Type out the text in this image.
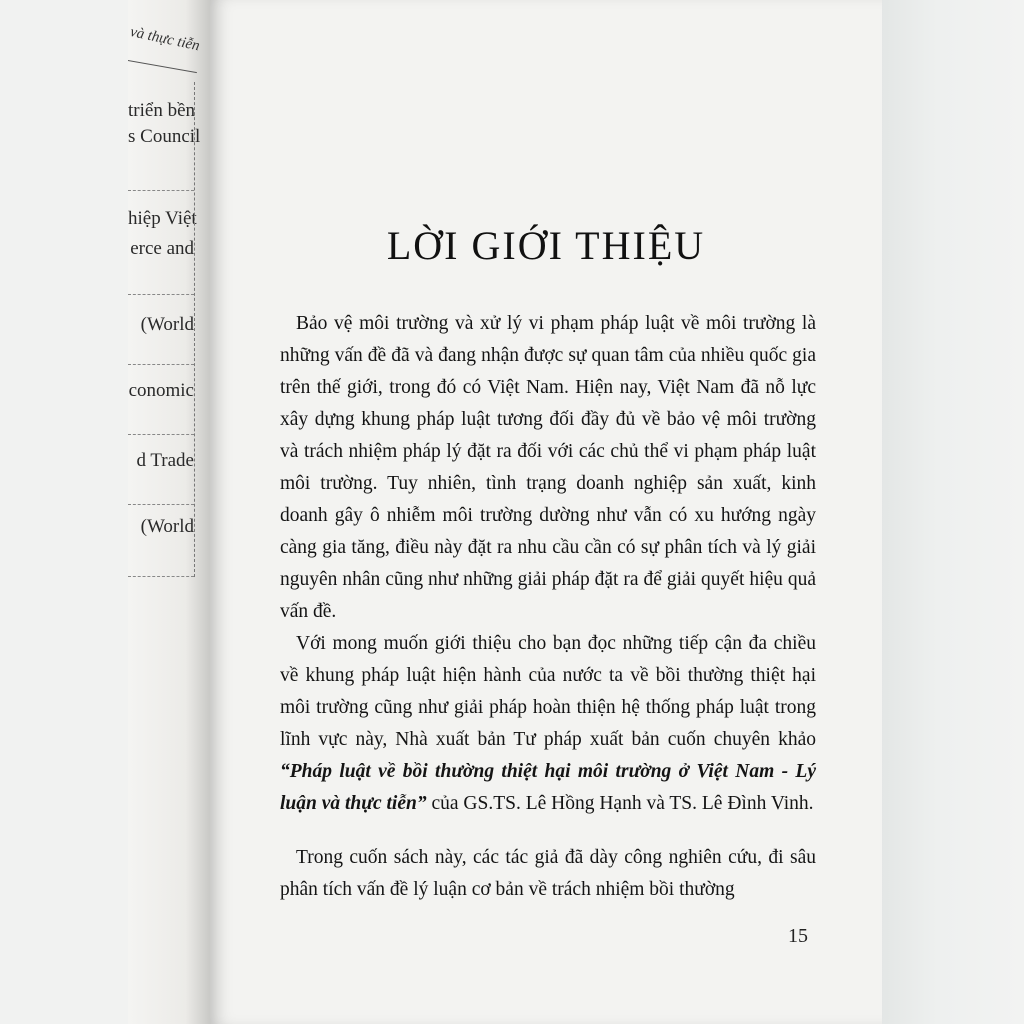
và thực tiễn
triển bền
s Council
hiệp Việt
erce and
(World
conomic
d Trade
(World
LỜI GIỚI THIỆU

Bảo vệ môi trường và xử lý vi phạm pháp luật về môi trường là những vấn đề đã và đang nhận được sự quan tâm của nhiều quốc gia trên thế giới, trong đó có Việt Nam. Hiện nay, Việt Nam đã nỗ lực xây dựng khung pháp luật tương đối đầy đủ về bảo vệ môi trường và trách nhiệm pháp lý đặt ra đối với các chủ thể vi phạm pháp luật môi trường. Tuy nhiên, tình trạng doanh nghiệp sản xuất, kinh doanh gây ô nhiễm môi trường dường như vẫn có xu hướng ngày càng gia tăng, điều này đặt ra nhu cầu cần có sự phân tích và lý giải nguyên nhân cũng như những giải pháp đặt ra để giải quyết hiệu quả vấn đề.

Với mong muốn giới thiệu cho bạn đọc những tiếp cận đa chiều về khung pháp luật hiện hành của nước ta về bồi thường thiệt hại môi trường cũng như giải pháp hoàn thiện hệ thống pháp luật trong lĩnh vực này, Nhà xuất bản Tư pháp xuất bản cuốn chuyên khảo “Pháp luật về bồi thường thiệt hại môi trường ở Việt Nam - Lý luận và thực tiễn” của GS.TS. Lê Hồng Hạnh và TS. Lê Đình Vinh.

Trong cuốn sách này, các tác giả đã dày công nghiên cứu, đi sâu phân tích vấn đề lý luận cơ bản về trách nhiệm bồi thường

15
